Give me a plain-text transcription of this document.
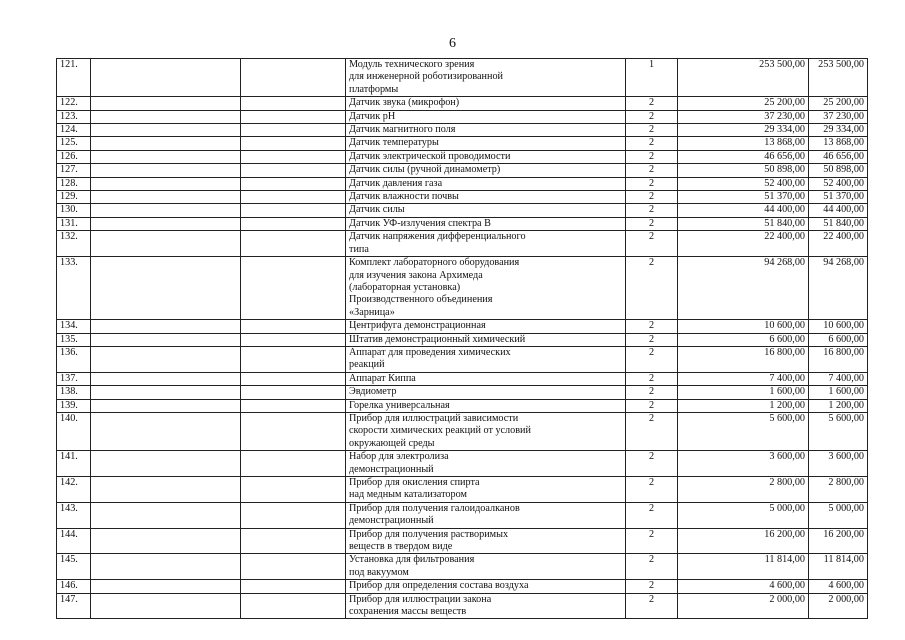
6
121.			Модуль технического зрения
для инженерной роботизированной
платформы	1	253 500,00	253 500,00
122.			Датчик звука (микрофон)	2	25 200,00	25 200,00
123.			Датчик pH	2	37 230,00	37 230,00
124.			Датчик магнитного поля	2	29 334,00	29 334,00
125.			Датчик температуры	2	13 868,00	13 868,00
126.			Датчик электрической проводимости	2	46 656,00	46 656,00
127.			Датчик силы (ручной динамометр)	2	50 898,00	50 898,00
128.			Датчик давления газа	2	52 400,00	52 400,00
129.			Датчик влажности почвы	2	51 370,00	51 370,00
130.			Датчик силы	2	44 400,00	44 400,00
131.			Датчик УФ-излучения спектра В	2	51 840,00	51 840,00
132.			Датчик напряжения дифференциального
типа	2	22 400,00	22 400,00
133.			Комплект лабораторного оборудования
для изучения закона Архимеда
(лабораторная установка)
Производственного объединения
«Зарница»	2	94 268,00	94 268,00
134.			Центрифуга демонстрационная	2	10 600,00	10 600,00
135.			Штатив демонстрационный химический	2	6 600,00	6 600,00
136.			Аппарат для проведения химических
реакций	2	16 800,00	16 800,00
137.			Аппарат Киппа	2	7 400,00	7 400,00
138.			Эвдиометр	2	1 600,00	1 600,00
139.			Горелка универсальная	2	1 200,00	1 200,00
140.			Прибор для иллюстраций зависимости
скорости химических реакций от условий
окружающей среды	2	5 600,00	5 600,00
141.			Набор для электролиза
демонстрационный	2	3 600,00	3 600,00
142.			Прибор для окисления спирта
над медным катализатором	2	2 800,00	2 800,00
143.			Прибор для получения галоидоалканов
демонстрационный	2	5 000,00	5 000,00
144.			Прибор для получения растворимых
веществ в твердом виде	2	16 200,00	16 200,00
145.			Установка для фильтрования
под вакуумом	2	11 814,00	11 814,00
146.			Прибор для определения состава воздуха	2	4 600,00	4 600,00
147.			Прибор для иллюстрации закона
сохранения массы веществ	2	2 000,00	2 000,00
